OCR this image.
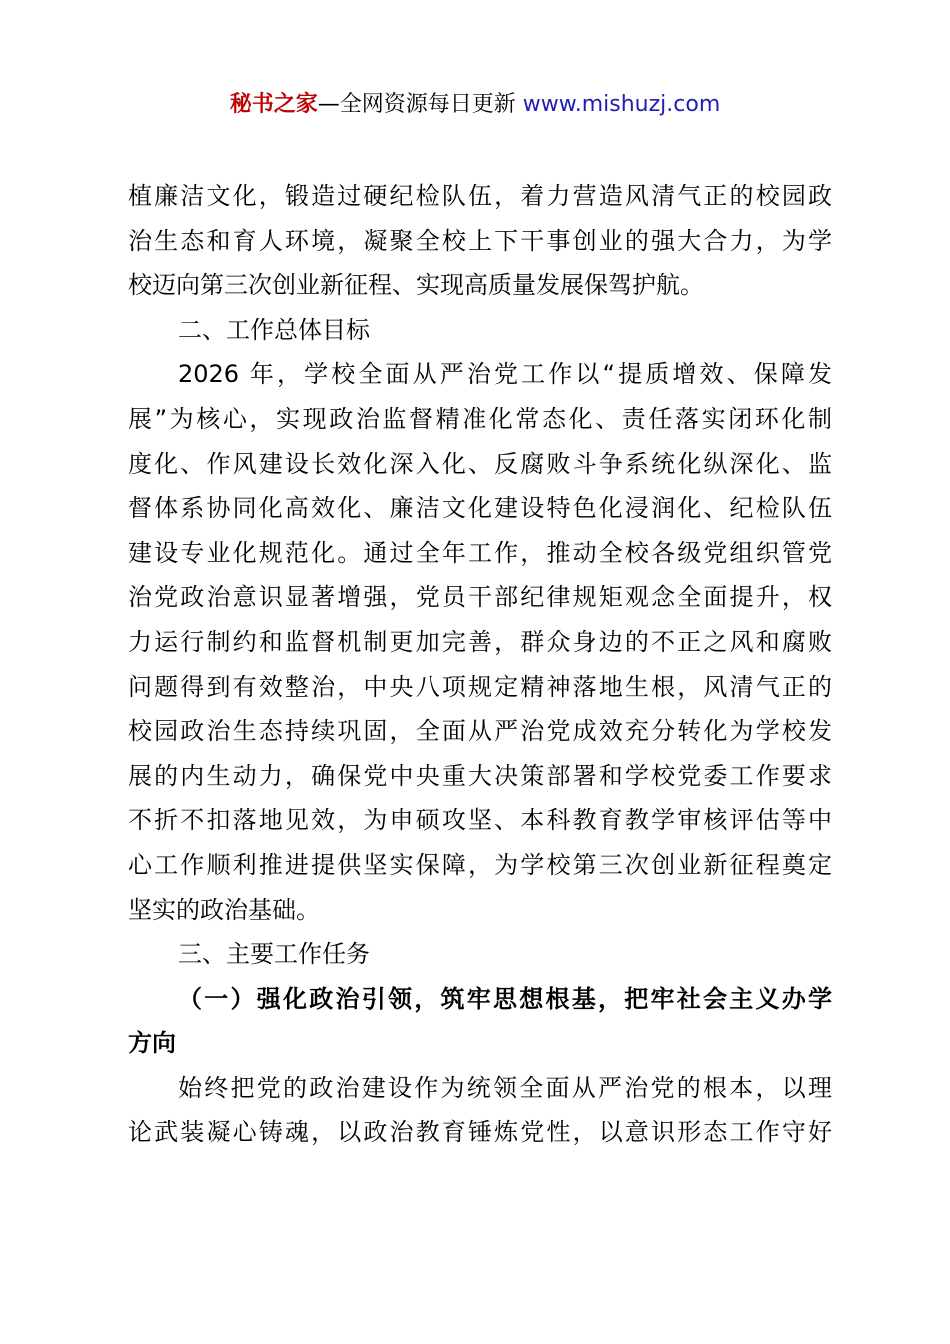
秘书之家—全网资源每日更新 www.mishuzj.com
植廉洁文化，锻造过硬纪检队伍，着力营造风清气正的校园政
治生态和育人环境，凝聚全校上下干事创业的强大合力，为学
校迈向第三次创业新征程、实现高质量发展保驾护航。
二、工作总体目标
2026 年，学校全面从严治党工作以“提质增效、保障发
展”为核心，实现政治监督精准化常态化、责任落实闭环化制
度化、作风建设长效化深入化、反腐败斗争系统化纵深化、监
督体系协同化高效化、廉洁文化建设特色化浸润化、纪检队伍
建设专业化规范化。通过全年工作，推动全校各级党组织管党
治党政治意识显著增强，党员干部纪律规矩观念全面提升，权
力运行制约和监督机制更加完善，群众身边的不正之风和腐败
问题得到有效整治，中央八项规定精神落地生根，风清气正的
校园政治生态持续巩固，全面从严治党成效充分转化为学校发
展的内生动力，确保党中央重大决策部署和学校党委工作要求
不折不扣落地见效，为申硕攻坚、本科教育教学审核评估等中
心工作顺利推进提供坚实保障，为学校第三次创业新征程奠定
坚实的政治基础。
三、主要工作任务
（一）强化政治引领，筑牢思想根基，把牢社会主义办学
方向
始终把党的政治建设作为统领全面从严治党的根本，以理
论武装凝心铸魂，以政治教育锤炼党性，以意识形态工作守好
